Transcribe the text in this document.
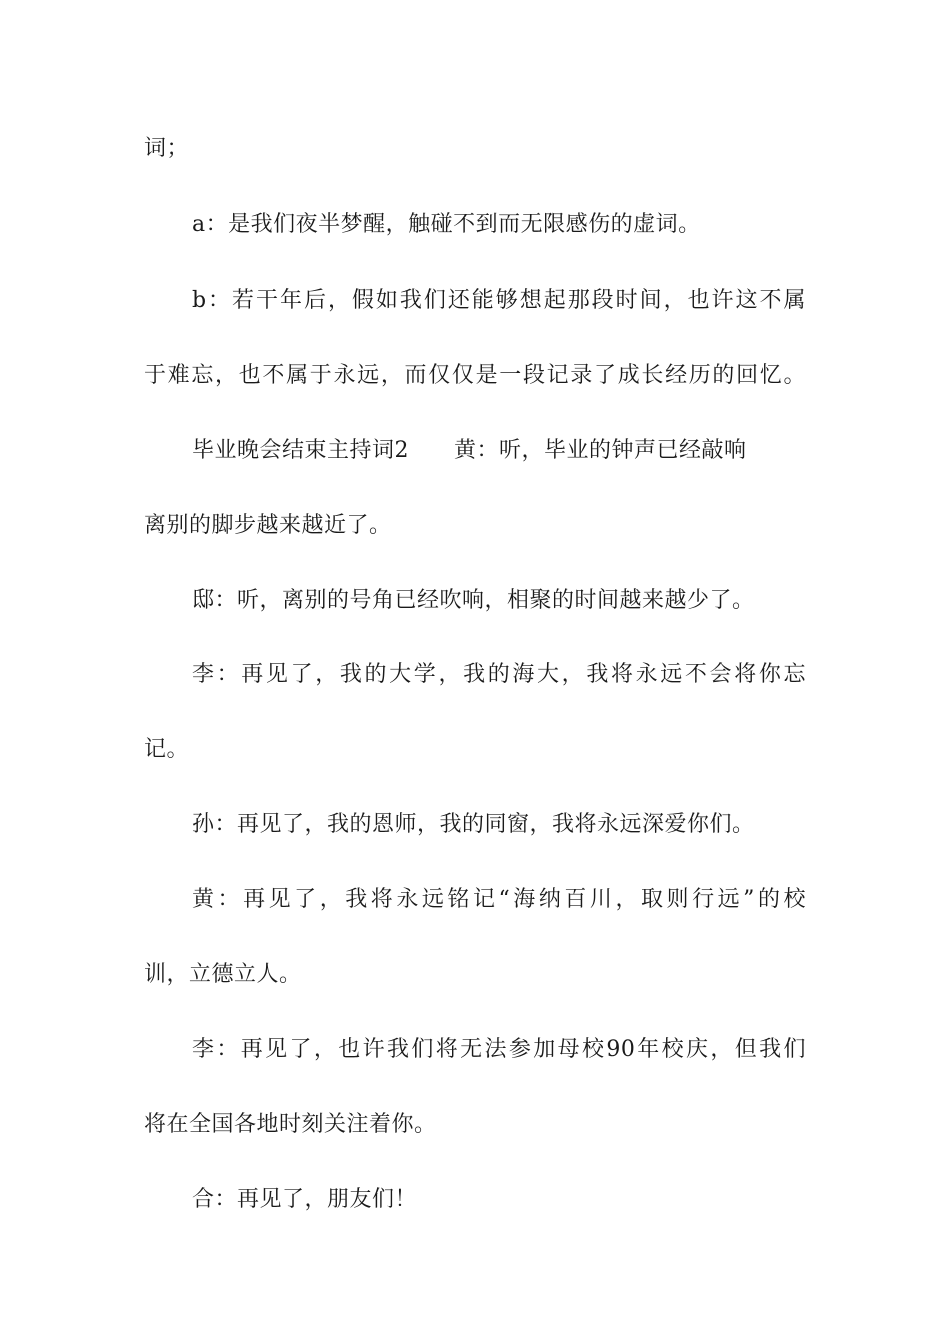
词；
a：是我们夜半梦醒，触碰不到而无限感伤的虚词。
b：若干年后，假如我们还能够想起那段时间，也许这不属
于难忘，也不属于永远，而仅仅是一段记录了成长经历的回忆。
毕业晚会结束主持词2　　黄：听，毕业的钟声已经敲响
离别的脚步越来越近了。
邸：听，离别的号角已经吹响，相聚的时间越来越少了。
李：再见了，我的大学，我的海大，我将永远不会将你忘
记。
孙：再见了，我的恩师，我的同窗，我将永远深爱你们。
黄：再见了，我将永远铭记“海纳百川，取则行远”的校
训，立德立人。
李：再见了，也许我们将无法参加母校90年校庆，但我们
将在全国各地时刻关注着你。
合：再见了，朋友们！
